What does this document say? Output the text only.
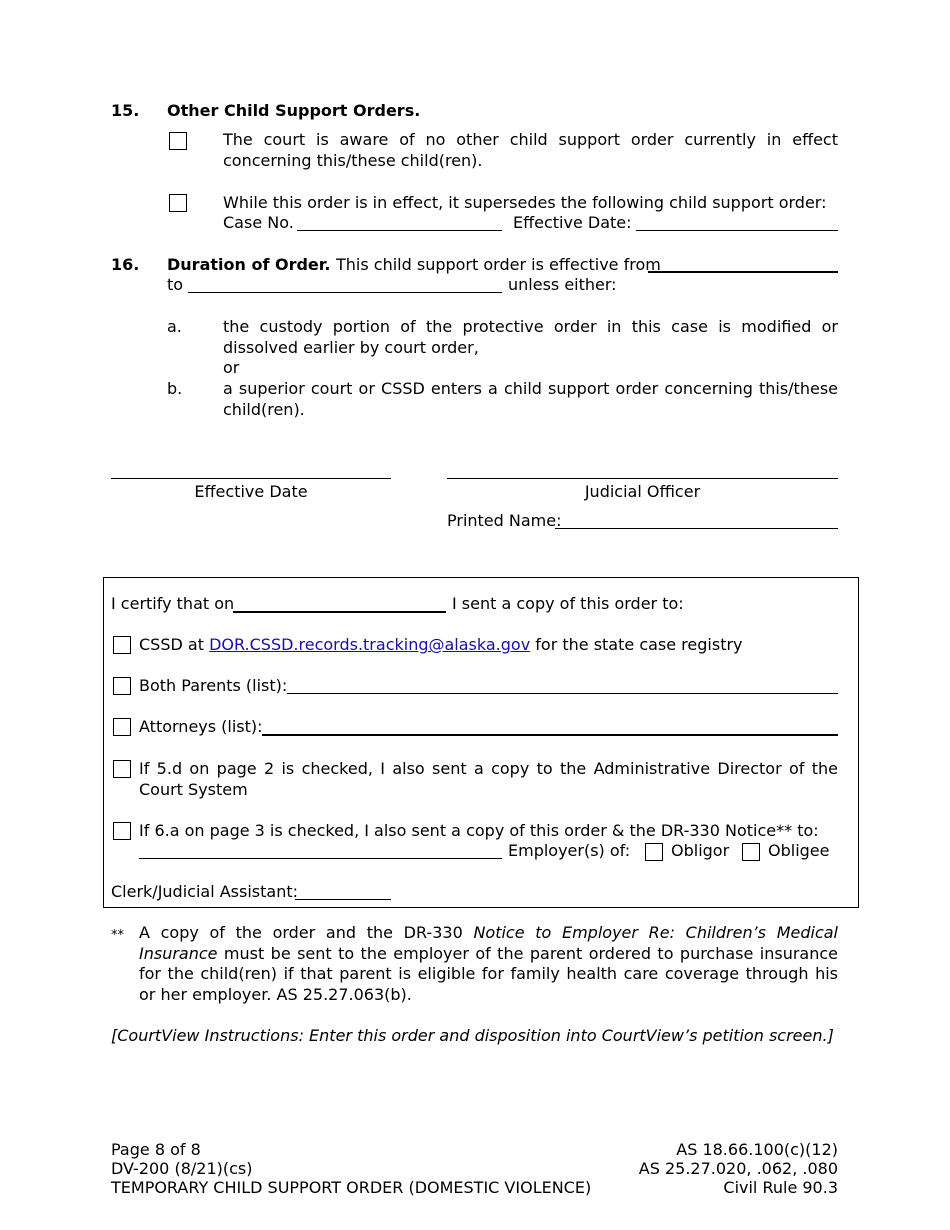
15. Other Child Support Orders.
The court is aware of no other child support order currently in effect concerning this/these child(ren).
While this order is in effect, it supersedes the following child support order:
Case No.	Effective Date:
16. Duration of Order. This child support order is effective from
to	unless either:
a.	the custody portion of the protective order in this case is modified or dissolved earlier by court order,
or
b.	a superior court or CSSD enters a child support order concerning this/these child(ren).
Effective Date	Judicial Officer
Printed Name:
I certify that on	I sent a copy of this order to:
CSSD at DOR.CSSD.records.tracking@alaska.gov for the state case registry
Both Parents (list):
Attorneys (list):
If 5.d on page 2 is checked, I also sent a copy to the Administrative Director of the Court System
If 6.a on page 3 is checked, I also sent a copy of this order & the DR-330 Notice** to:
Employer(s) of:	Obligor Obligee
Clerk/Judicial Assistant:
** A copy of the order and the DR-330 Notice to Employer Re: Children’s Medical Insurance must be sent to the employer of the parent ordered to purchase insurance for the child(ren) if that parent is eligible for family health care coverage through his or her employer. AS 25.27.063(b).
[CourtView Instructions: Enter this order and disposition into CourtView’s petition screen.]
Page 8 of 8
DV-200 (8/21)(cs)
TEMPORARY CHILD SUPPORT ORDER (DOMESTIC VIOLENCE)
AS 18.66.100(c)(12)
AS 25.27.020, .062, .080
Civil Rule 90.3
